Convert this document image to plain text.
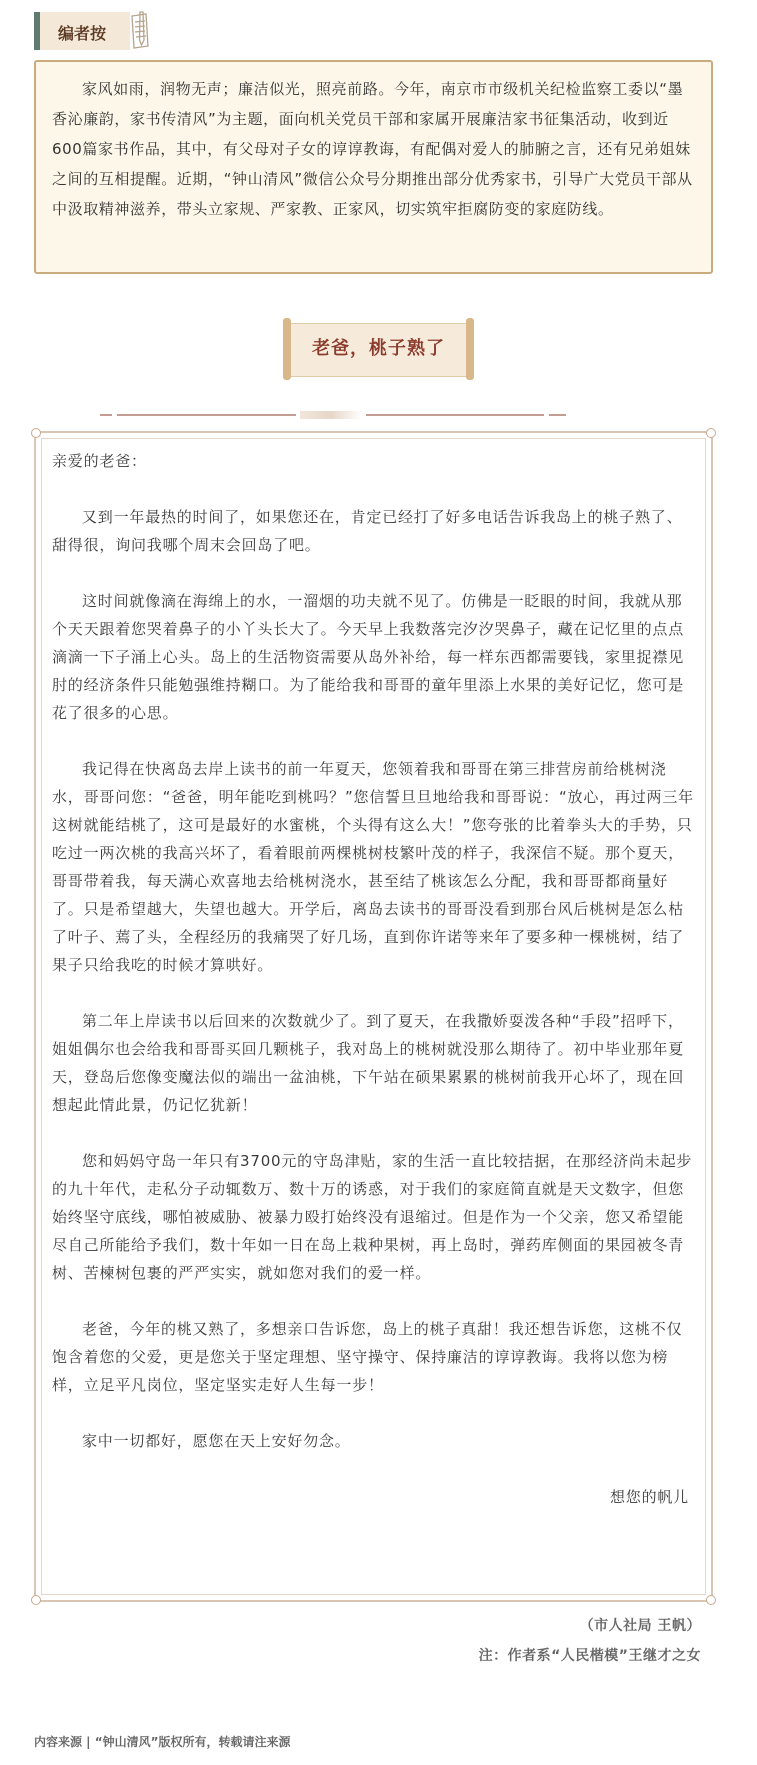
编者按

家风如雨，润物无声；廉洁似光，照亮前路。今年，南京市市级机关纪检监察工委以“墨香沁廉韵，家书传清风”为主题，面向机关党员干部和家属开展廉洁家书征集活动，收到近600篇家书作品，其中，有父母对子女的谆谆教诲，有配偶对爱人的肺腑之言，还有兄弟姐妹之间的互相提醒。近期，“钟山清风”微信公众号分期推出部分优秀家书，引导广大党员干部从中汲取精神滋养，带头立家规、严家教、正家风，切实筑牢拒腐防变的家庭防线。

老爸，桃子熟了

亲爱的老爸：

又到一年最热的时间了，如果您还在，肯定已经打了好多电话告诉我岛上的桃子熟了、甜得很，询问我哪个周末会回岛了吧。

这时间就像滴在海绵上的水，一溜烟的功夫就不见了。仿佛是一眨眼的时间，我就从那个天天跟着您哭着鼻子的小丫头长大了。今天早上我数落完汐汐哭鼻子，藏在记忆里的点点滴滴一下子涌上心头。岛上的生活物资需要从岛外补给，每一样东西都需要钱，家里捉襟见肘的经济条件只能勉强维持糊口。为了能给我和哥哥的童年里添上水果的美好记忆，您可是花了很多的心思。

我记得在快离岛去岸上读书的前一年夏天，您领着我和哥哥在第三排营房前给桃树浇水，哥哥问您：“爸爸，明年能吃到桃吗？”您信誓旦旦地给我和哥哥说：“放心，再过两三年这树就能结桃了，这可是最好的水蜜桃，个头得有这么大！”您夸张的比着拳头大的手势，只吃过一两次桃的我高兴坏了，看着眼前两棵桃树枝繁叶茂的样子，我深信不疑。那个夏天，哥哥带着我，每天满心欢喜地去给桃树浇水，甚至结了桃该怎么分配，我和哥哥都商量好了。只是希望越大，失望也越大。开学后，离岛去读书的哥哥没看到那台风后桃树是怎么枯了叶子、蔫了头，全程经历的我痛哭了好几场，直到你许诺等来年了要多种一棵桃树，结了果子只给我吃的时候才算哄好。

第二年上岸读书以后回来的次数就少了。到了夏天，在我撒娇耍泼各种“手段”招呼下，姐姐偶尔也会给我和哥哥买回几颗桃子，我对岛上的桃树就没那么期待了。初中毕业那年夏天，登岛后您像变魔法似的端出一盆油桃，下午站在硕果累累的桃树前我开心坏了，现在回想起此情此景，仍记忆犹新！

您和妈妈守岛一年只有3700元的守岛津贴，家的生活一直比较拮据，在那经济尚未起步的九十年代，走私分子动辄数万、数十万的诱惑，对于我们的家庭简直就是天文数字，但您始终坚守底线，哪怕被威胁、被暴力殴打始终没有退缩过。但是作为一个父亲，您又希望能尽自己所能给予我们，数十年如一日在岛上栽种果树，再上岛时，弹药库侧面的果园被冬青树、苦楝树包裹的严严实实，就如您对我们的爱一样。

老爸，今年的桃又熟了，多想亲口告诉您，岛上的桃子真甜！我还想告诉您，这桃不仅饱含着您的父爱，更是您关于坚定理想、坚守操守、保持廉洁的谆谆教诲。我将以您为榜样，立足平凡岗位，坚定坚实走好人生每一步！

家中一切都好，愿您在天上安好勿念。

想您的帆儿

（市人社局 王帆）
注：作者系“人民楷模”王继才之女
内容来源 | “钟山清风”版权所有，转载请注来源
